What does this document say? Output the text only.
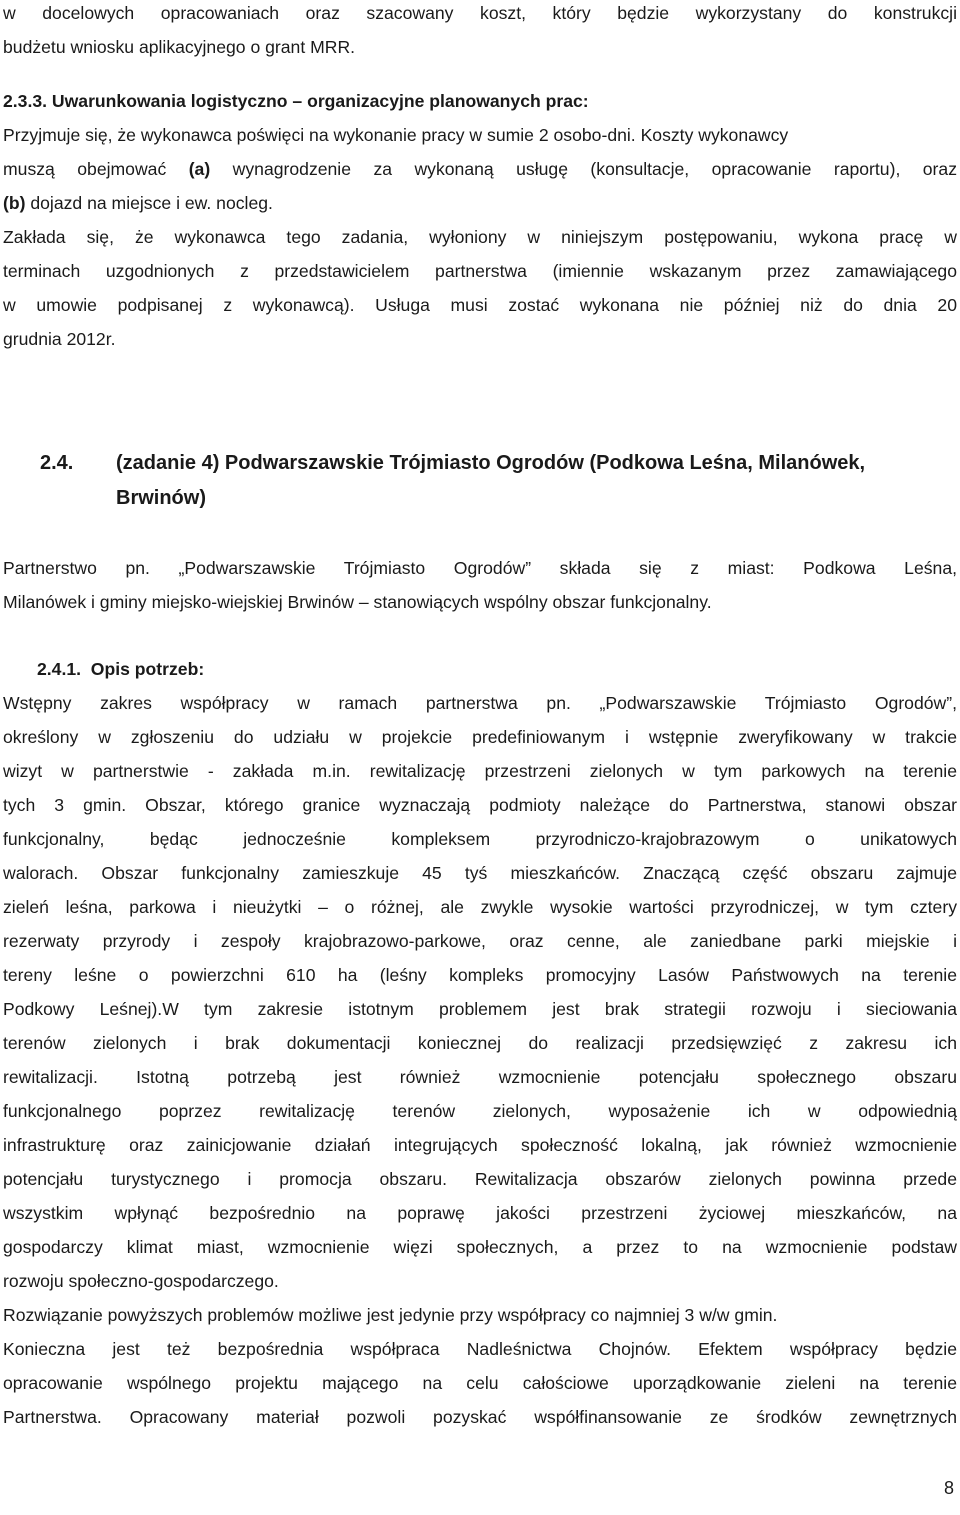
w docelowych opracowaniach oraz szacowany koszt, który będzie wykorzystany do konstrukcji
budżetu wniosku aplikacyjnego o grant MRR.
2.3.3. Uwarunkowania logistyczno – organizacyjne planowanych prac:
Przyjmuje się, że wykonawca poświęci na wykonanie pracy w sumie 2 osobo-dni. Koszty wykonawcy
muszą obejmować (a) wynagrodzenie za wykonaną usługę (konsultacje, opracowanie raportu), oraz
(b) dojazd na miejsce i ew. nocleg.
Zakłada się, że wykonawca tego zadania, wyłoniony w niniejszym postępowaniu, wykona pracę w
terminach uzgodnionych z przedstawicielem partnerstwa (imiennie wskazanym przez zamawiającego
w umowie podpisanej z wykonawcą). Usługa musi zostać wykonana nie później niż do dnia 20
grudnia 2012r.
2.4. (zadanie 4) Podwarszawskie Trójmiasto Ogrodów (Podkowa Leśna, Milanówek,
Brwinów)
Partnerstwo pn. „Podwarszawskie Trójmiasto Ogrodów” składa się z miast: Podkowa Leśna,
Milanówek i gminy miejsko-wiejskiej Brwinów – stanowiących wspólny obszar funkcjonalny.
2.4.1.  Opis potrzeb:
Wstępny zakres współpracy w ramach partnerstwa pn. „Podwarszawskie Trójmiasto Ogrodów”,
określony w zgłoszeniu do udziału w projekcie predefiniowanym i wstępnie zweryfikowany w trakcie
wizyt w partnerstwie - zakłada m.in. rewitalizację przestrzeni zielonych w tym parkowych na terenie
tych 3 gmin. Obszar, którego granice wyznaczają podmioty należące do Partnerstwa, stanowi obszar
funkcjonalny, będąc jednocześnie kompleksem przyrodniczo-krajobrazowym o unikatowych
walorach. Obszar funkcjonalny zamieszkuje 45 tyś mieszkańców. Znaczącą część obszaru zajmuje
zieleń leśna, parkowa i nieużytki – o różnej, ale zwykle wysokie wartości przyrodniczej, w tym cztery
rezerwaty przyrody i zespoły krajobrazowo-parkowe, oraz cenne, ale zaniedbane parki miejskie i
tereny leśne o powierzchni 610 ha (leśny kompleks promocyjny Lasów Państwowych na terenie
Podkowy Leśnej).W tym zakresie istotnym problemem jest brak strategii rozwoju i sieciowania
terenów zielonych i brak dokumentacji koniecznej do realizacji przedsięwzięć z zakresu ich
rewitalizacji. Istotną potrzebą jest również wzmocnienie potencjału społecznego obszaru
funkcjonalnego poprzez rewitalizację terenów zielonych, wyposażenie ich w odpowiednią
infrastrukturę oraz zainicjowanie działań integrujących społeczność lokalną, jak również wzmocnienie
potencjału turystycznego i promocja obszaru. Rewitalizacja obszarów zielonych powinna przede
wszystkim wpłynąć bezpośrednio na poprawę jakości przestrzeni życiowej mieszkańców, na
gospodarczy klimat miast, wzmocnienie więzi społecznych, a przez to na wzmocnienie podstaw
rozwoju społeczno-gospodarczego.
Rozwiązanie powyższych problemów możliwe jest jedynie przy współpracy co najmniej 3 w/w gmin.
Konieczna jest też bezpośrednia współpraca Nadleśnictwa Chojnów. Efektem współpracy będzie
opracowanie wspólnego projektu mającego na celu całościowe uporządkowanie zieleni na terenie
Partnerstwa. Opracowany materiał pozwoli pozyskać współfinansowanie ze środków zewnętrznych
8
